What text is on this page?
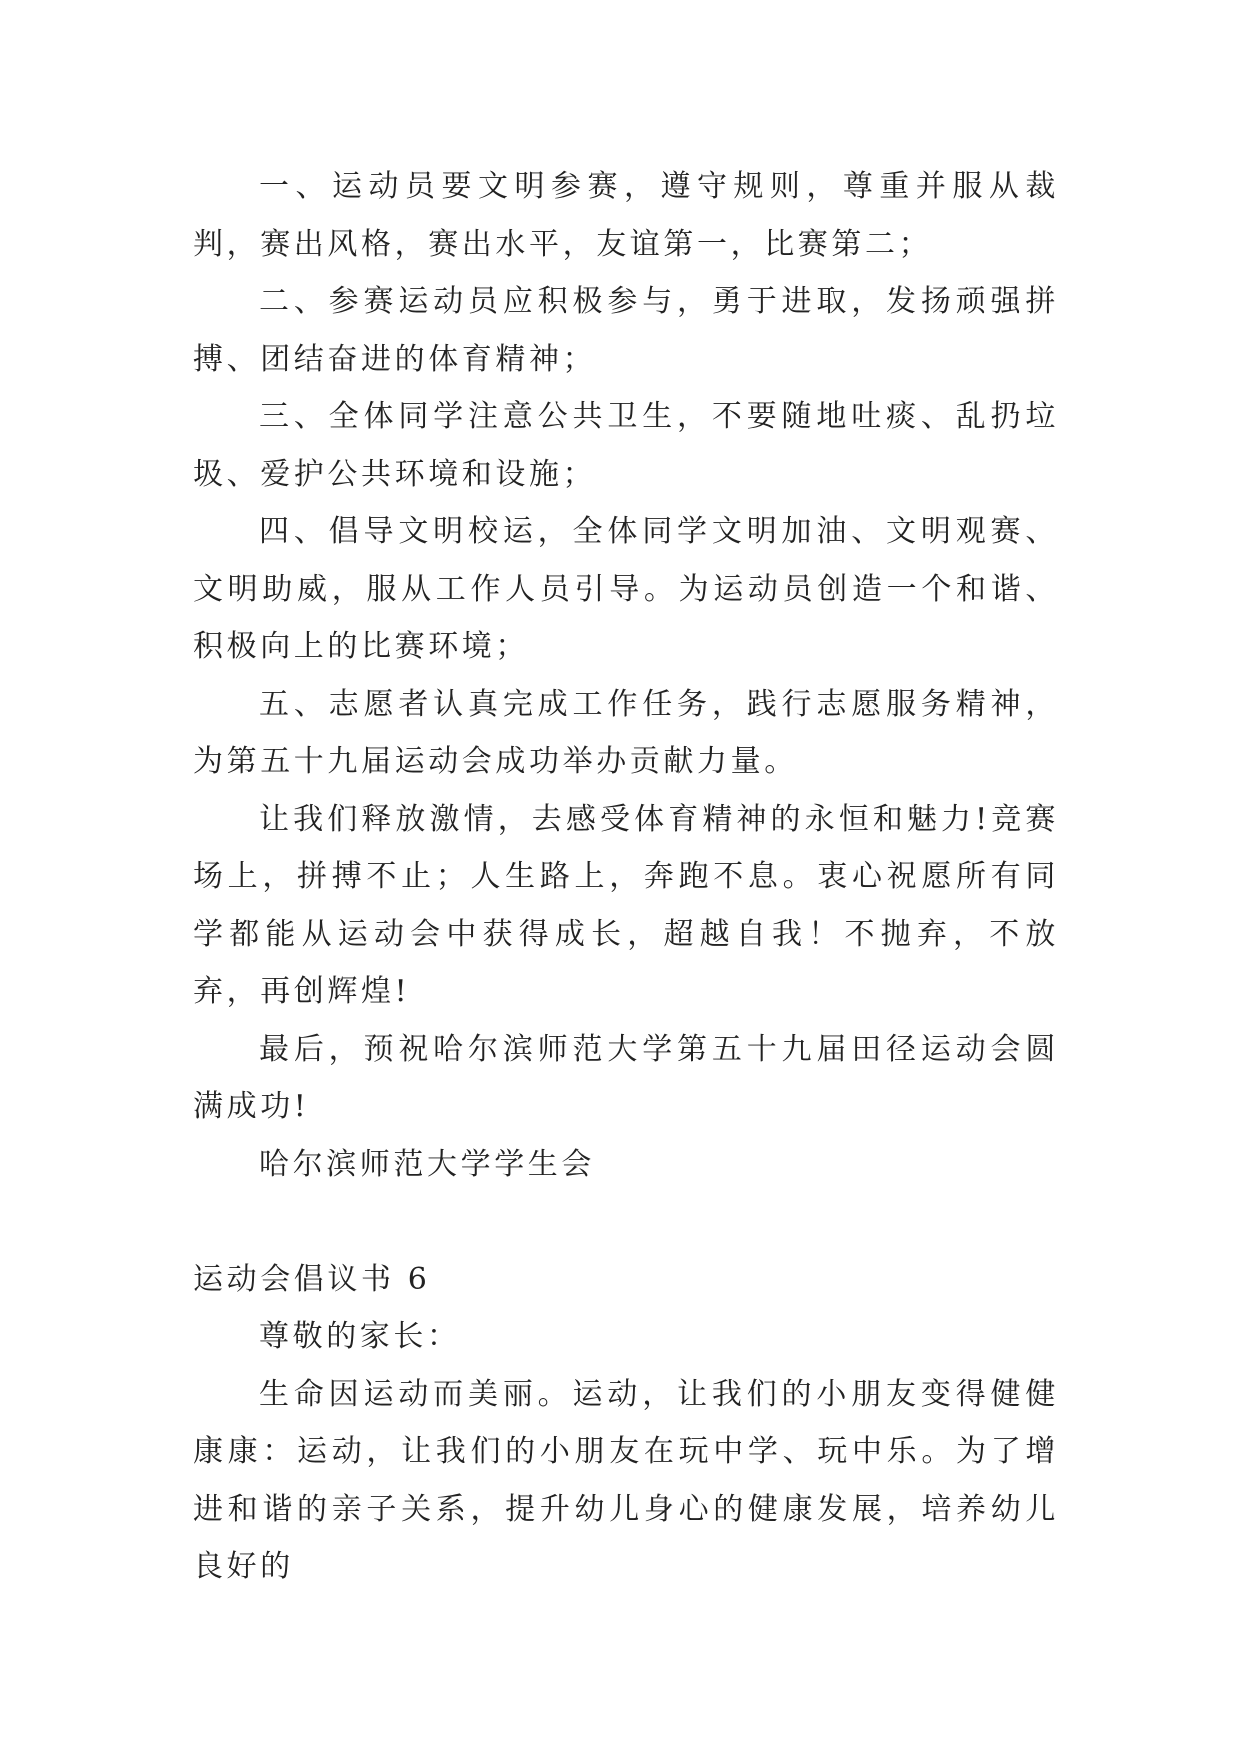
一、运动员要文明参赛，遵守规则，尊重并服从裁判，赛出风格，赛出水平，友谊第一，比赛第二；

二、参赛运动员应积极参与，勇于进取，发扬顽强拼搏、团结奋进的体育精神；

三、全体同学注意公共卫生，不要随地吐痰、乱扔垃圾、爱护公共环境和设施；

四、倡导文明校运，全体同学文明加油、文明观赛、文明助威，服从工作人员引导。为运动员创造一个和谐、积极向上的比赛环境；

五、志愿者认真完成工作任务，践行志愿服务精神，为第五十九届运动会成功举办贡献力量。

让我们释放激情，去感受体育精神的永恒和魅力!竞赛场上，拼搏不止；人生路上，奔跑不息。衷心祝愿所有同学都能从运动会中获得成长，超越自我！不抛弃，不放弃，再创辉煌!

最后，预祝哈尔滨师范大学第五十九届田径运动会圆满成功!

哈尔滨师范大学学生会

运动会倡议书 6

尊敬的家长：

生命因运动而美丽。运动，让我们的小朋友变得健健康康：运动，让我们的小朋友在玩中学、玩中乐。为了增进和谐的亲子关系，提升幼儿身心的健康发展，培养幼儿良好的
